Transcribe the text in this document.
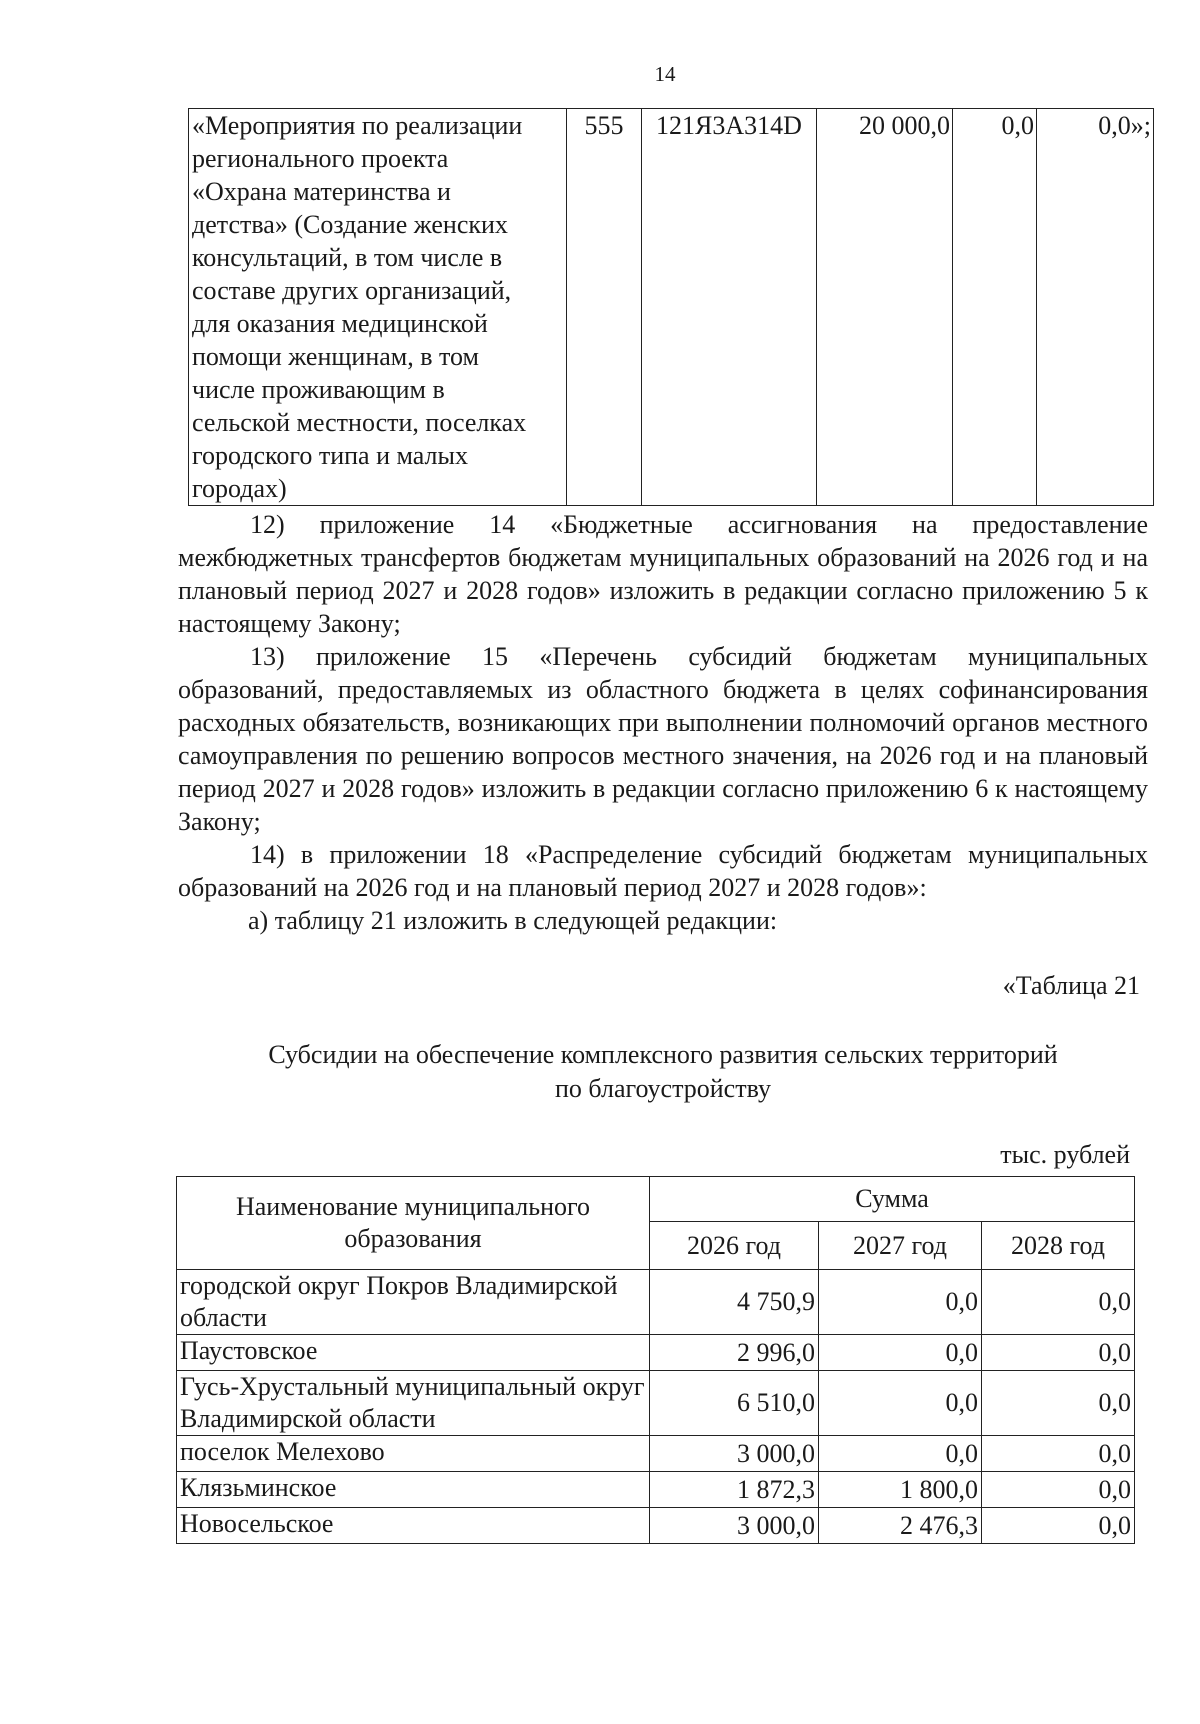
14
«Мероприятия по реализации
регионального проекта
«Охрана материнства и
детства» (Создание женских
консультаций, в том числе в
составе других организаций,
для оказания медицинской
помощи женщинам, в том
числе проживающим в
сельской местности, поселках
городского типа и малых
городах)
	555	121Я3А314D	20 000,0	0,0	0,0»;

12) приложение 14 «Бюджетные ассигнования на предоставление межбюджетных трансфертов бюджетам муниципальных образований на 2026 год и на плановый период 2027 и 2028 годов» изложить в редакции согласно приложению 5 к настоящему Закону;

13) приложение 15 «Перечень субсидий бюджетам муниципальных образований, предоставляемых из областного бюджета в целях софинансирования расходных обязательств, возникающих при выполнении полномочий органов местного самоуправления по решению вопросов местного значения, на 2026 год и на плановый период 2027 и 2028 годов» изложить в редакции согласно приложению 6 к настоящему Закону;

14) в приложении 18 «Распределение субсидий бюджетам муниципальных образований на 2026 год и на плановый период 2027 и 2028 годов»:

а) таблицу 21 изложить в следующей редакции:

«Таблица 21
Субсидии на обеспечение комплексного развития сельских территорий
по благоустройству
тыс. рублей
Наименование муниципального образования	Сумма		
	2026 год	2027 год	2028 год
городской округ Покров Владимирской области	4 750,9	0,0	0,0
Паустовское	2 996,0	0,0	0,0
Гусь-Хрустальный муниципальный округ Владимирской области	6 510,0	0,0	0,0
поселок Мелехово	3 000,0	0,0	0,0
Клязьминское	1 872,3	1 800,0	0,0
Новосельское	3 000,0	2 476,3	0,0
